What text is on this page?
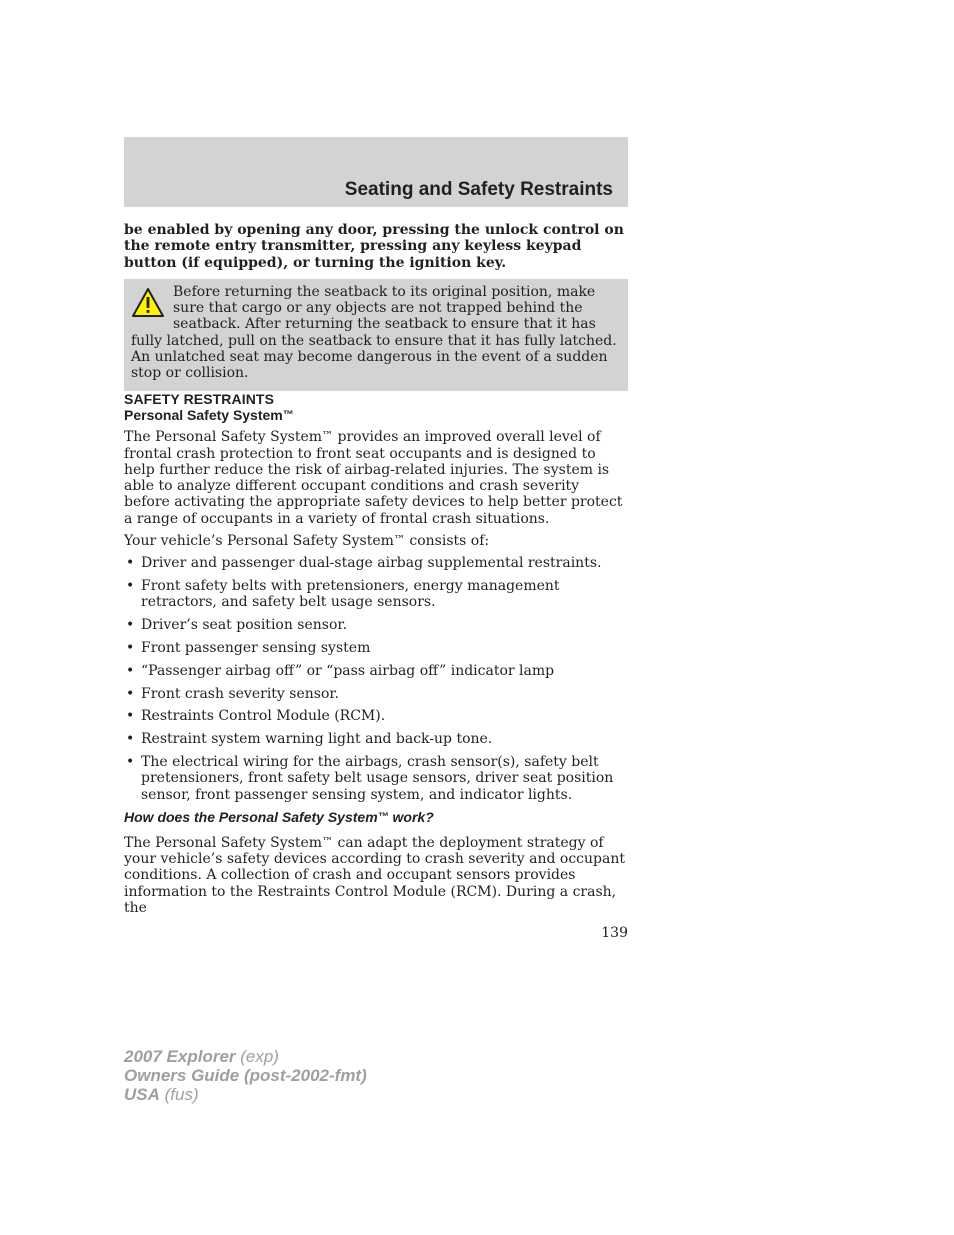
Seating and Safety Restraints

be enabled by opening any door, pressing the unlock control on the remote entry transmitter, pressing any keyless keypad button (if equipped), or turning the ignition key.

Before returning the seatback to its original position, make sure that cargo or any objects are not trapped behind the seatback. After returning the seatback to ensure that it has fully latched, pull on the seatback to ensure that it has fully latched. An unlatched seat may become dangerous in the event of a sudden stop or collision.

SAFETY RESTRAINTS

Personal Safety System™

The Personal Safety System™ provides an improved overall level of frontal crash protection to front seat occupants and is designed to help further reduce the risk of airbag-related injuries. The system is able to analyze different occupant conditions and crash severity before activating the appropriate safety devices to help better protect a range of occupants in a variety of frontal crash situations.

Your vehicle’s Personal Safety System™ consists of:

• Driver and passenger dual-stage airbag supplemental restraints.
• Front safety belts with pretensioners, energy management retractors, and safety belt usage sensors.
• Driver’s seat position sensor.
• Front passenger sensing system
• “Passenger airbag off” or “pass airbag off” indicator lamp
• Front crash severity sensor.
• Restraints Control Module (RCM).
• Restraint system warning light and back-up tone.
• The electrical wiring for the airbags, crash sensor(s), safety belt pretensioners, front safety belt usage sensors, driver seat position sensor, front passenger sensing system, and indicator lights.

How does the Personal Safety System™ work?

The Personal Safety System™ can adapt the deployment strategy of your vehicle’s safety devices according to crash severity and occupant conditions. A collection of crash and occupant sensors provides information to the Restraints Control Module (RCM). During a crash, the

139
2007 Explorer (exp)
Owners Guide (post-2002-fmt)
USA (fus)
